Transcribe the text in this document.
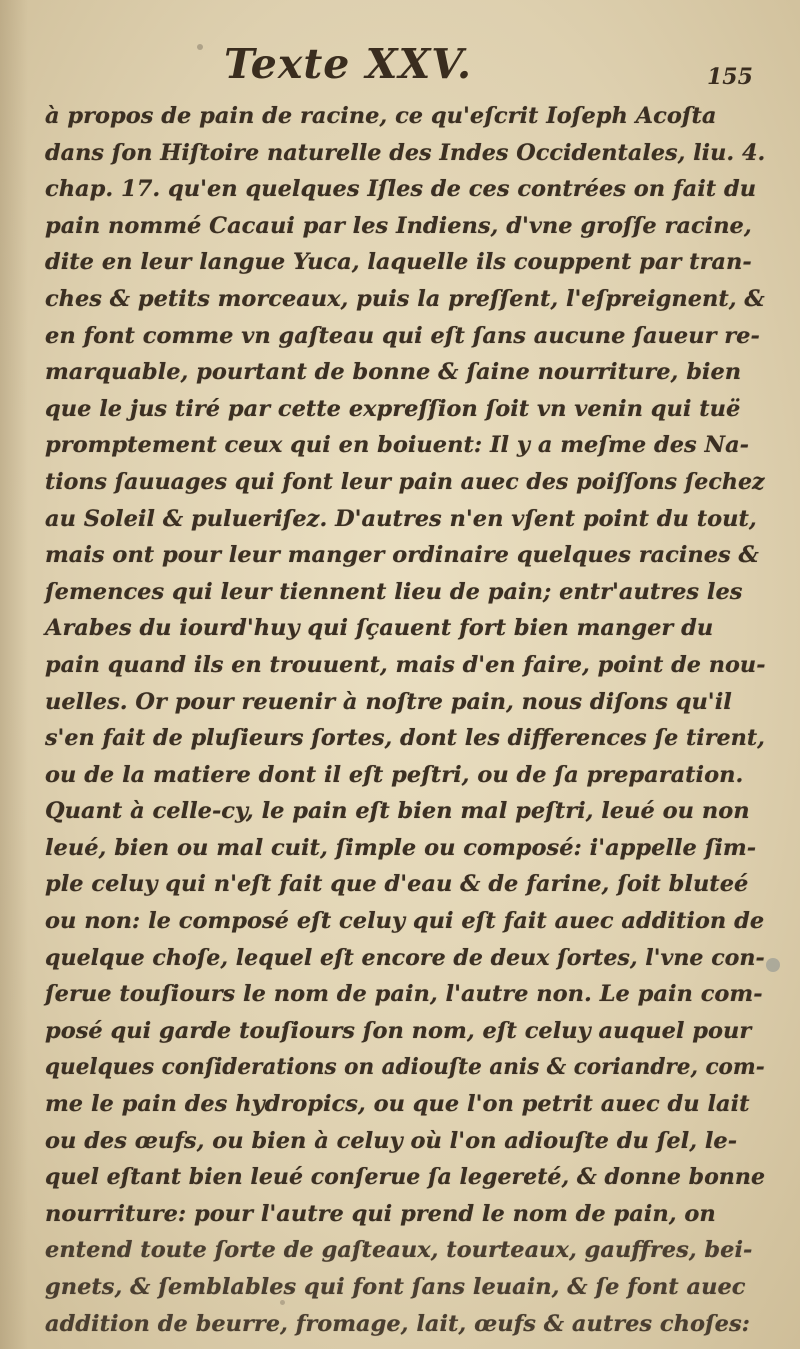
Texte XXV.	155
à propos de pain de racine, ce qu'eſcrit Ioſeph Acoſta
dans ſon Hiſtoire naturelle des Indes Occidentales, liu. 4.
chap. 17. qu'en quelques Iſles de ces contrées on fait du
pain nommé Cacaui par les Indiens, d'vne groſſe racine,
dite en leur langue Yuca, laquelle ils couppent par tran-
ches & petits morceaux, puis la preſſent, l'eſpreignent, &
en font comme vn gaſteau qui eſt ſans aucune ſaueur re-
marquable, pourtant de bonne & ſaine nourriture, bien
que le jus tiré par cette expreſſion ſoit vn venin qui tuë
promptement ceux qui en boiuent: Il y a meſme des Na-
tions ſauuages qui font leur pain auec des poiſſons ſechez
au Soleil & pulueriſez. D'autres n'en vſent point du tout,
mais ont pour leur manger ordinaire quelques racines &
ſemences qui leur tiennent lieu de pain; entr'autres les
Arabes du iourd'huy qui ſçauent fort bien manger du
pain quand ils en trouuent, mais d'en faire, point de nou-
uelles. Or pour reuenir à noſtre pain, nous diſons qu'il
s'en fait de pluſieurs ſortes, dont les differences ſe tirent,
ou de la matiere dont il eſt peſtri, ou de ſa preparation.
Quant à celle-cy, le pain eſt bien mal peſtri, leué ou non
leué, bien ou mal cuit, ſimple ou composé: i'appelle ſim-
ple celuy qui n'eſt fait que d'eau & de farine, ſoit bluteé
ou non: le composé eſt celuy qui eſt fait auec addition de
quelque choſe, lequel eſt encore de deux ſortes, l'vne con-
ſerue touſiours le nom de pain, l'autre non. Le pain com-
posé qui garde touſiours ſon nom, eſt celuy auquel pour
quelques conſiderations on adiouſte anis & coriandre, com-
me le pain des hydropics, ou que l'on petrit auec du lait
ou des œufs, ou bien à celuy où l'on adiouſte du ſel, le-
quel eſtant bien leué conſerue ſa legereté, & donne bonne
nourriture: pour l'autre qui prend le nom de pain, on
entend toute ſorte de gaſteaux, tourteaux, gauffres, bei-
gnets, & ſemblables qui font ſans leuain, & ſe font auec
addition de beurre, fromage, lait, œufs & autres choſes:
